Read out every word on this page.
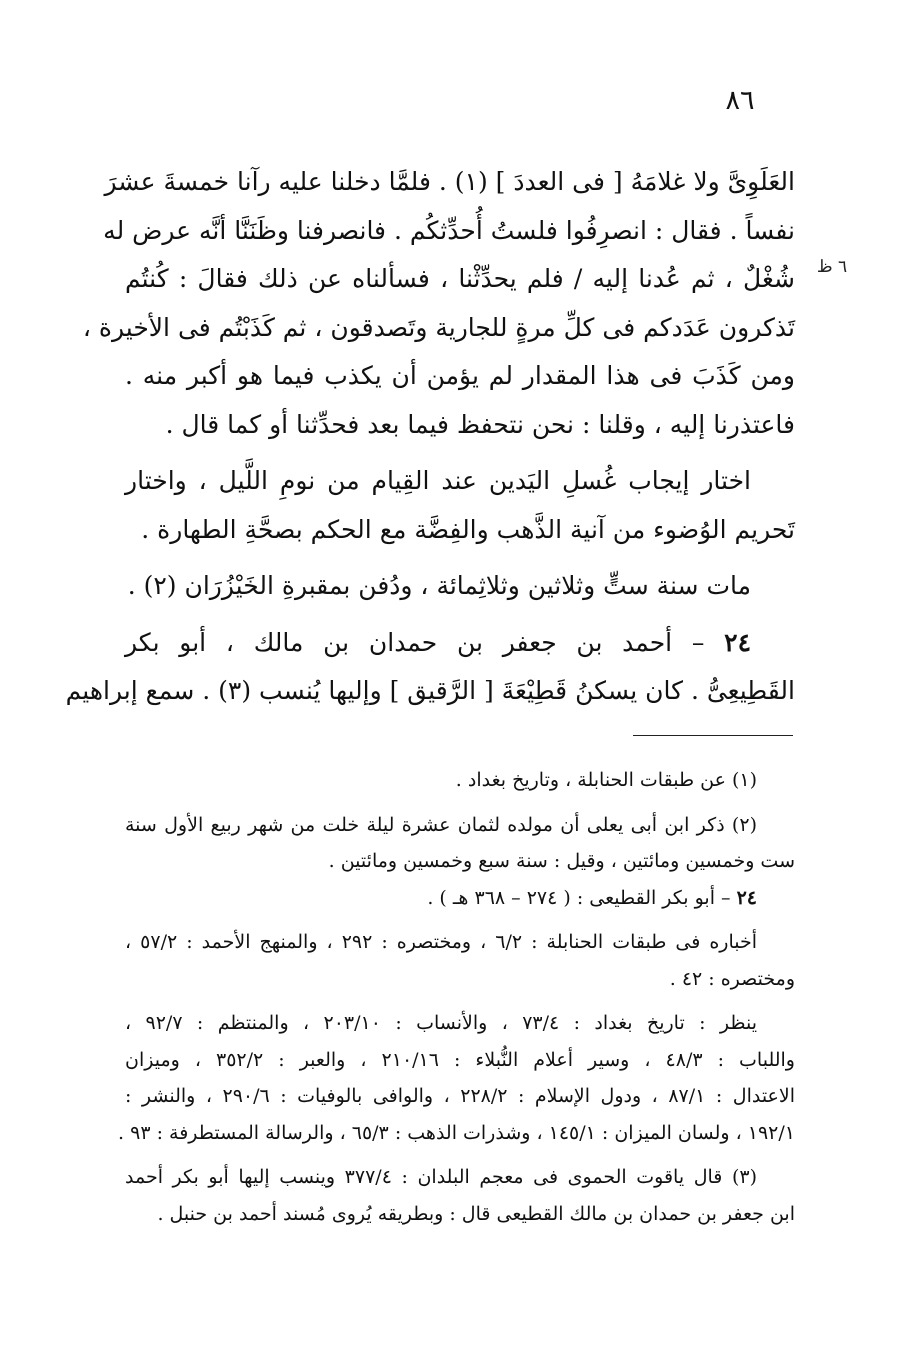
٨٦
٦ ظ
العَلَوِىَّ ولا غلامَهُ [ فى العددَ ] (١) . فلمَّا دخلنا عليه رآنا خمسةَ عشرَ
نفساً . فقال : انصرِفُوا فلستُ أُحدِّثكُم . فانصرفنا وظَنَنَّا أنَّه عرض له
شُغْلٌ ، ثم عُدنا إليه / فلم يحدِّثْنا ، فسألناه عن ذلك فقالَ : كُنتُم
تَذكرون عَدَدكم فى كلِّ مرةٍ للجارية وتَصدقون ، ثم كَذَبْتُم فى الأخيرة ،
ومن كَذَبَ فى هذا المقدار لم يؤمن أن يكذب فيما هو أكبر منه .
فاعتذرنا إليه ، وقلنا : نحن نتحفظ فيما بعد فحدِّثنا أو كما قال .
اختار إيجاب غُسلِ اليَدين عند القِيام من نومِ اللَّيل ، واختار
تَحريم الوُضوء من آنية الذَّهب والفِضَّة مع الحكم بصحَّةِ الطهارة .
مات سنة ستٍّ وثلاثين وثلاثِمائة ، ودُفن بمقبرةِ الخَيْزُرَان (٢) .
٢٤ – أحمد بن جعفر بن حمدان بن مالك ، أبو بكر
القَطِيعِىُّ . كان يسكنُ قَطِيْعَةَ [ الرَّقيق ] وإليها يُنسب (٣) . سمع إبراهيم
(١) عن طبقات الحنابلة ، وتاريخ بغداد .
(٢) ذكر ابن أبى يعلى أن مولده لثمان عشرة ليلة خلت من شهر ربيع الأول سنة
ست وخمسين ومائتين ، وقيل : سنة سبع وخمسين ومائتين .
٢٤ – أبو بكر القطيعى : ( ٢٧٤ – ٣٦٨ هـ ) .
أخباره فى طبقات الحنابلة : ٦/٢ ، ومختصره : ٢٩٢ ، والمنهج الأحمد : ٥٧/٢ ،
ومختصره : ٤٢ .
ينظر : تاريخ بغداد : ٧٣/٤ ، والأنساب : ٢٠٣/١٠ ، والمنتظم : ٩٢/٧ ،
واللباب : ٤٨/٣ ، وسير أعلام النُّبلاء : ٢١٠/١٦ ، والعبر : ٣٥٢/٢ ، وميزان
الاعتدال : ٨٧/١ ، ودول الإسلام : ٢٢٨/٢ ، والوافى بالوفيات : ٢٩٠/٦ ، والنشر :
١٩٢/١ ، ولسان الميزان : ١٤٥/١ ، وشذرات الذهب : ٦٥/٣ ، والرسالة المستطرفة : ٩٣ .
(٣) قال ياقوت الحموى فى معجم البلدان : ٣٧٧/٤ وينسب إليها أبو بكر أحمد
ابن جعفر بن حمدان بن مالك القطيعى قال : وبطريقه يُروى مُسند أحمد بن حنبل .
